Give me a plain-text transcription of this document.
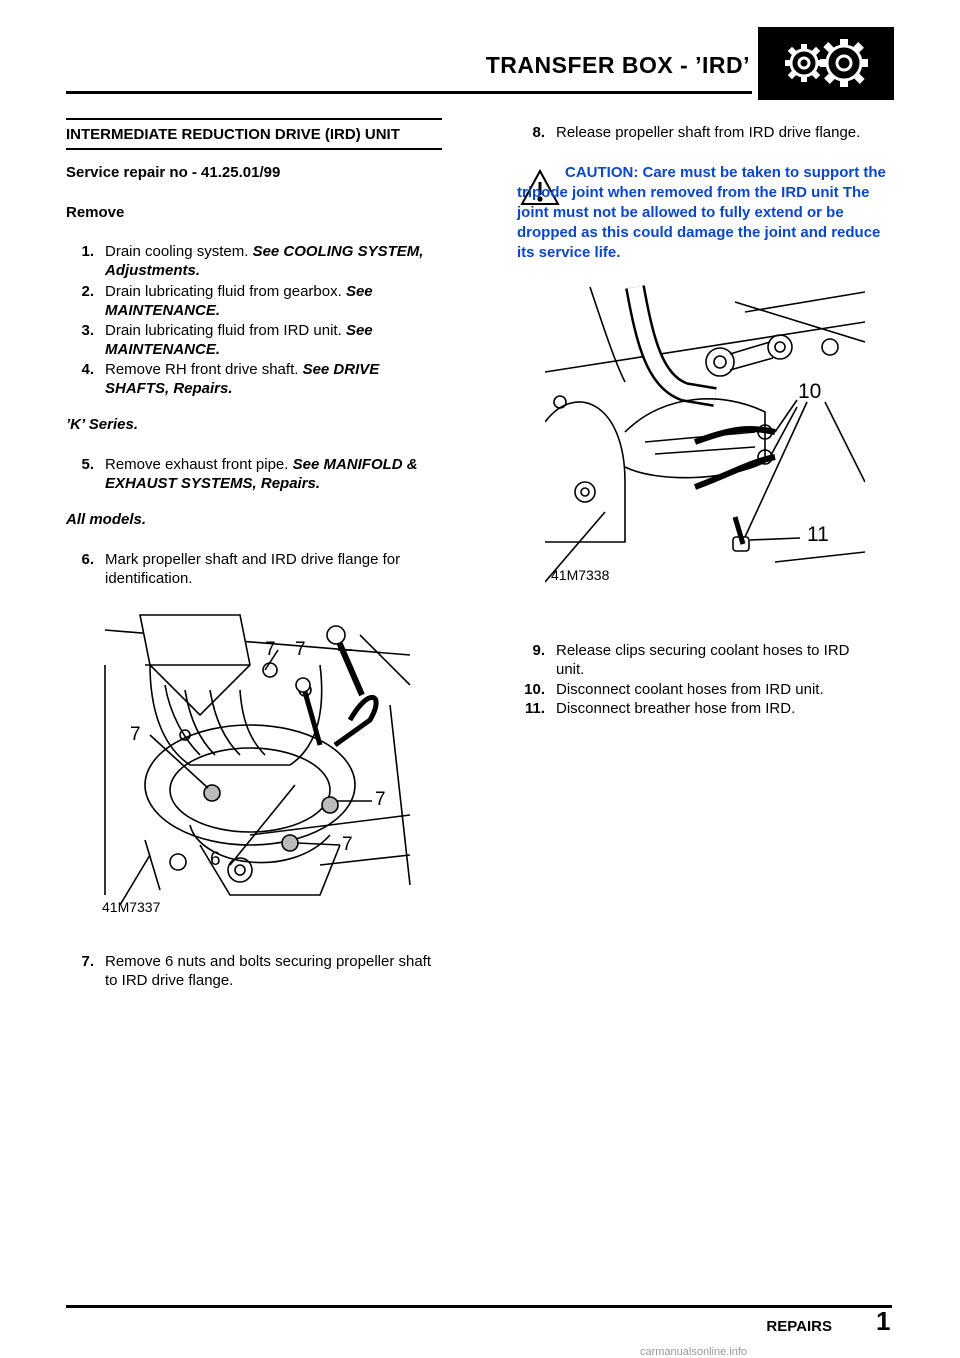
TRANSFER BOX - ’IRD’
INTERMEDIATE REDUCTION DRIVE (IRD) UNIT
Service repair no - 41.25.01/99
Remove
1. Drain cooling system. See COOLING SYSTEM, Adjustments.
2. Drain lubricating fluid from gearbox. See MAINTENANCE.
3. Drain lubricating fluid from IRD unit. See MAINTENANCE.
4. Remove RH front drive shaft. See DRIVE SHAFTS, Repairs.
’K’ Series.
5. Remove exhaust front pipe. See MANIFOLD & EXHAUST SYSTEMS, Repairs.
All models.
6. Mark propeller shaft and IRD drive flange for identification.
7 7
7
7
7
6
41M7337
7. Remove 6 nuts and bolts securing propeller shaft to IRD drive flange.
8. Release propeller shaft from IRD drive flange.
CAUTION: Care must be taken to support the tripode joint when removed from the IRD unit The joint must not be allowed to fully extend or be dropped as this could damage the joint and reduce its service life.
10
11
41M7338
9. Release clips securing coolant hoses to IRD unit.
10. Disconnect coolant hoses from IRD unit.
11. Disconnect breather hose from IRD.
REPAIRS 1
carmanualsonline.info
